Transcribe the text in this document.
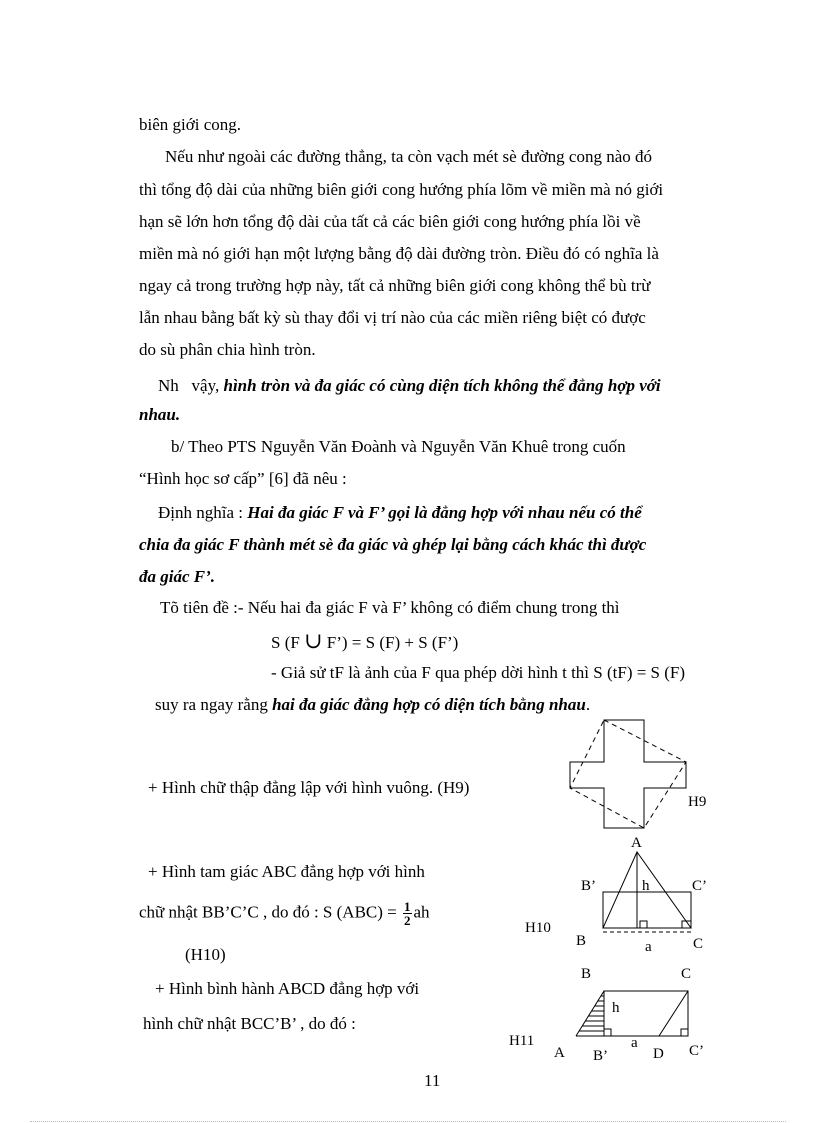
biên giới cong.
Nếu như ngoài các đường thẳng, ta còn vạch mét sè đường cong nào đó
thì tổng độ dài của những biên giới cong hướng phía lõm về miền mà nó giới
hạn sẽ lớn hơn tổng độ dài của tất cả các biên giới cong hướng phía lồi về
miền mà nó giới hạn một lượng bằng độ dài đường tròn. Điều đó có nghĩa là
ngay cả trong trường hợp này, tất cả những biên giới cong không thể bù trừ
lẫn nhau bằng bất kỳ sù thay đổi vị trí nào của các miền riêng biệt có được
do sù phân chia hình tròn.
Nh vậy, hình tròn và đa giác có cùng diện tích không thể đẳng hợp với
nhau.
b/ Theo PTS Nguyễn Văn Đoành và Nguyễn Văn Khuê trong cuốn
“Hình học sơ cấp” [6] đã nêu :
Định nghĩa : Hai đa giác F và F’ gọi là đẳng hợp với nhau nếu có thể
chia đa giác F thành mét sè đa giác và ghép lại bằng cách khác thì được
đa giác F’.
Tõ tiên đề :- Nếu hai đa giác F và F’ không có điểm chung trong thì
S (F ∪ F’) = S (F) + S (F’)
- Giả sử tF là ảnh của F qua phép dời hình t thì S (tF) = S (F)
suy ra ngay rằng hai đa giác đẳng hợp có diện tích bằng nhau.
+ Hình chữ thập đẳng lập với hình vuông. (H9)
+ Hình tam giác ABC đẳng hợp với hình
chữ nhật BB’C’C , do đó : S $(ABC) = \frac{1}{2}$ ah
(H10)
+ Hình bình hành ABCD đẳng hợp với
hình chữ nhật BCC’B’ , do đó :
H9
A
B’	C’
h
H10
B	a	C
B	C
h
H11
A B’
a
D C’
11
